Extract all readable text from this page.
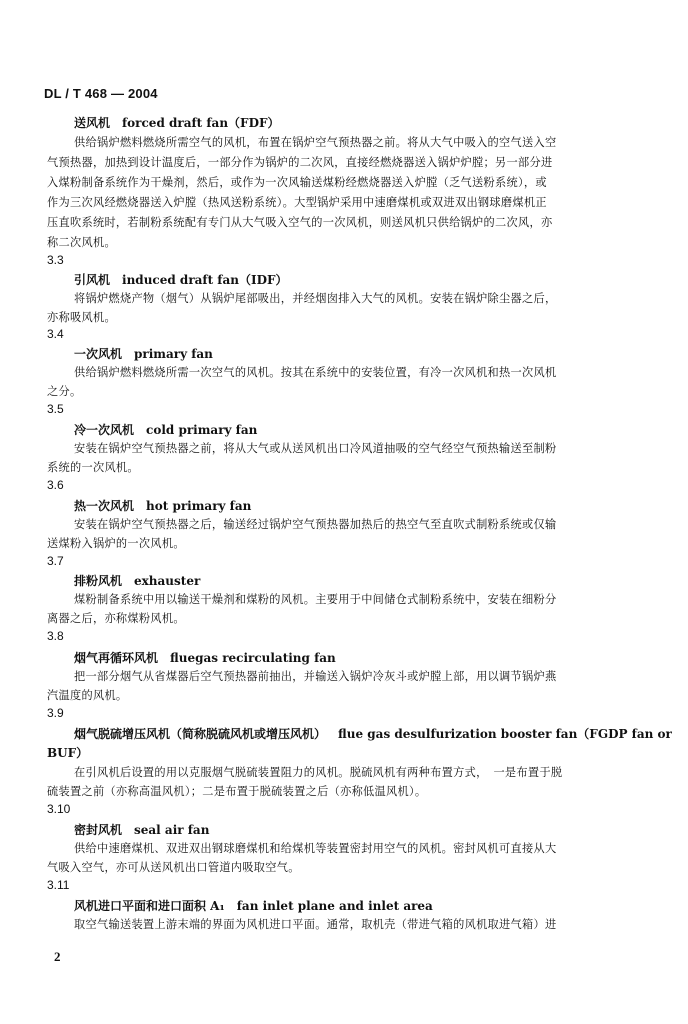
DL / T 468 — 2004
送风机 forced draft fan（FDF）
供给锅炉燃料燃烧所需空气的风机，布置在锅炉空气预热器之前。将从大气中吸入的空气送入空
气预热器，加热到设计温度后，一部分作为锅炉的二次风，直接经燃烧器送入锅炉炉膛；另一部分进
入煤粉制备系统作为干燥剂，然后，或作为一次风输送煤粉经燃烧器送入炉膛（乏气送粉系统），或
作为三次风经燃烧器送入炉膛（热风送粉系统）。大型锅炉采用中速磨煤机或双进双出钢球磨煤机正
压直吹系统时，若制粉系统配有专门从大气吸入空气的一次风机，则送风机只供给锅炉的二次风，亦
称二次风机。
3.3
引风机 induced draft fan（IDF）
将锅炉燃烧产物（烟气）从锅炉尾部吸出，并经烟囱排入大气的风机。安装在锅炉除尘器之后，
亦称吸风机。
3.4
一次风机 primary fan
供给锅炉燃料燃烧所需一次空气的风机。按其在系统中的安装位置，有冷一次风机和热一次风机
之分。
3.5
冷一次风机 cold primary fan
安装在锅炉空气预热器之前，将从大气或从送风机出口冷风道抽吸的空气经空气预热输送至制粉
系统的一次风机。
3.6
热一次风机 hot primary fan
安装在锅炉空气预热器之后，输送经过锅炉空气预热器加热后的热空气至直吹式制粉系统或仅输
送煤粉入锅炉的一次风机。
3.7
排粉风机 exhauster
煤粉制备系统中用以输送干燥剂和煤粉的风机。主要用于中间储仓式制粉系统中，安装在细粉分
离器之后，亦称煤粉风机。
3.8
烟气再循环风机 fluegas recirculating fan
把一部分烟气从省煤器后空气预热器前抽出，并输送入锅炉冷灰斗或炉膛上部，用以调节锅炉燕
汽温度的风机。
3.9
烟气脱硫增压风机（简称脱硫风机或增压风机） flue gas desulfurization booster fan（FGDP fan or
BUF）
在引风机后设置的用以克服烟气脱硫装置阻力的风机。脱硫风机有两种布置方式，　一是布置于脱
硫装置之前（亦称高温风机）；二是布置于脱硫装置之后（亦称低温风机）。
3.10
密封风机 seal air fan
供给中速磨煤机、双进双出钢球磨煤机和给煤机等装置密封用空气的风机。密封风机可直接从大
气吸入空气，亦可从送风机出口管道内吸取空气。
3.11
风机进口平面和进口面积 A₁ fan inlet plane and inlet area
取空气输送装置上游末端的界面为风机进口平面。通常，取机壳（带进气箱的风机取进气箱）进
2
